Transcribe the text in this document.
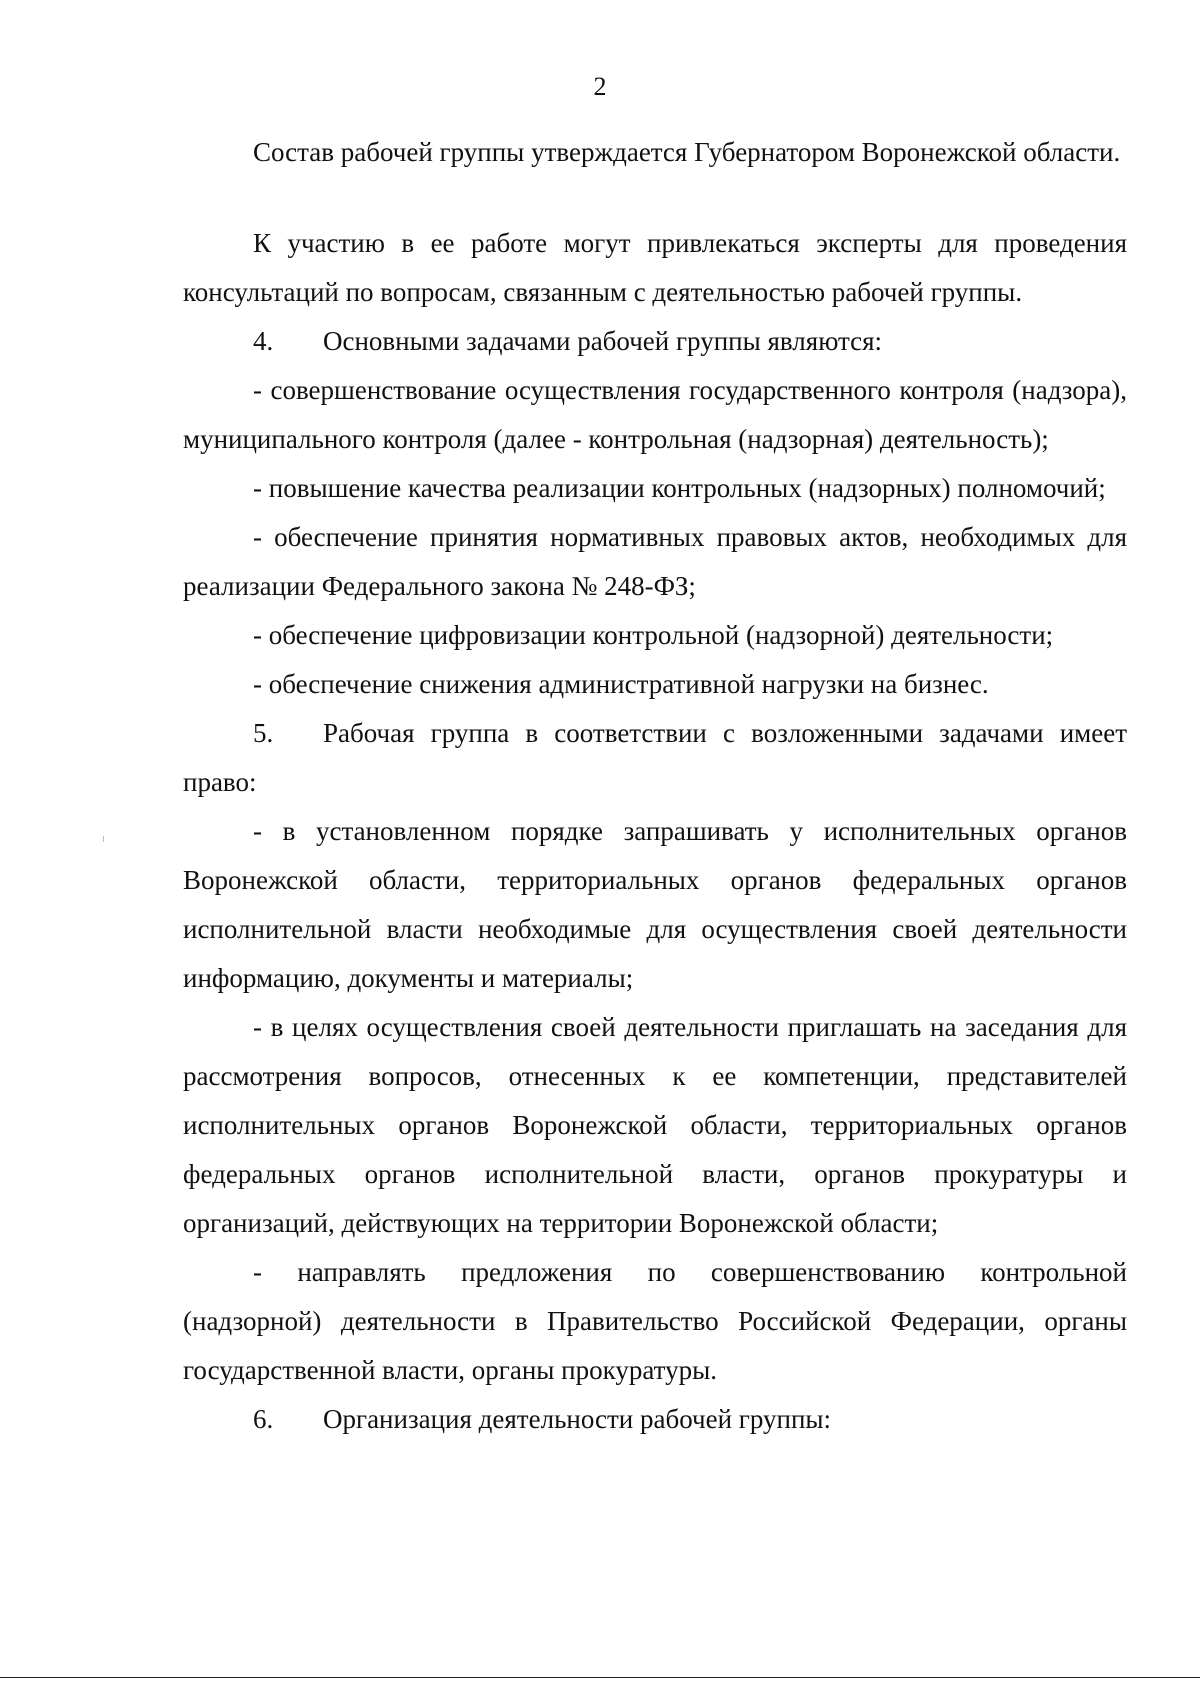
2

Состав рабочей группы утверждается Губернатором Воронежской области.

К участию в ее работе могут привлекаться эксперты для проведения консультаций по вопросам, связанным с деятельностью рабочей группы.

4.	Основными задачами рабочей группы являются:

- совершенствование осуществления государственного контроля (надзора), муниципального контроля (далее - контрольная (надзорная) деятельность);

- повышение качества реализации контрольных (надзорных) полномочий;

- обеспечение принятия нормативных правовых актов, необходимых для реализации Федерального закона № 248-ФЗ;

- обеспечение цифровизации контрольной (надзорной) деятельности;

- обеспечение снижения административной нагрузки на бизнес.

5. Рабочая группа в соответствии с возложенными задачами имеет право:

- в установленном порядке запрашивать у исполнительных органов Воронежской области, территориальных органов федеральных органов исполнительной власти необходимые для осуществления своей деятельности информацию, документы и материалы;

- в целях осуществления своей деятельности приглашать на заседания для рассмотрения вопросов, отнесенных к ее компетенции, представителей исполнительных органов Воронежской области, территориальных органов федеральных органов исполнительной власти, органов прокуратуры и организаций, действующих на территории Воронежской области;

- направлять предложения по совершенствованию контрольной (надзорной) деятельности в Правительство Российской Федерации, органы государственной власти, органы прокуратуры.

6.	Организация деятельности рабочей группы:
